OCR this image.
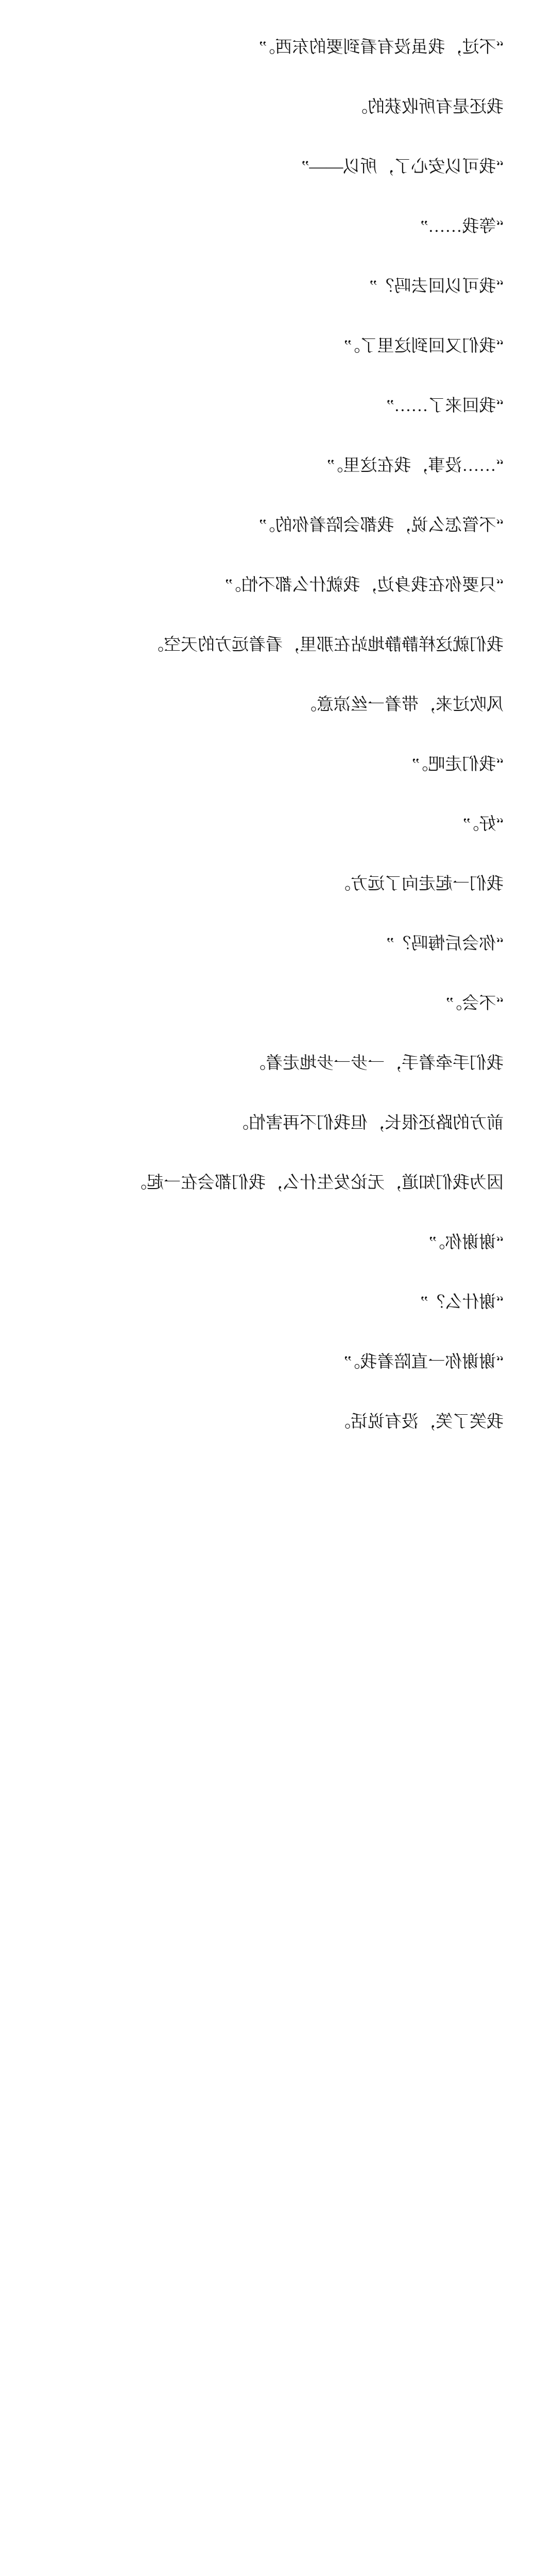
“不过，我虽没有看到要的东西。”

我还是有所收获的。

“我可以安心了，所以——”

“等我……”

“我可以回去吗？”

“我们又回到这里了。”

“我回来了……”

“……没事，我在这里。”

“不管怎么说，我都会陪着你的。”

“只要你在我身边，我就什么都不怕。”

我们就这样静静地站在那里，看着远方的天空。

风吹过来，带着一丝凉意。

“我们走吧。”

“好。”

我们一起走向了远方。

“你会后悔吗？”

“不会。”

我们手牵着手，一步一步地走着。

前方的路还很长，但我们不再害怕。

因为我们知道，无论发生什么，我们都会在一起。

“谢谢你。”

“谢什么？”

“谢谢你一直陪着我。”

我笑了笑，没有说话。
